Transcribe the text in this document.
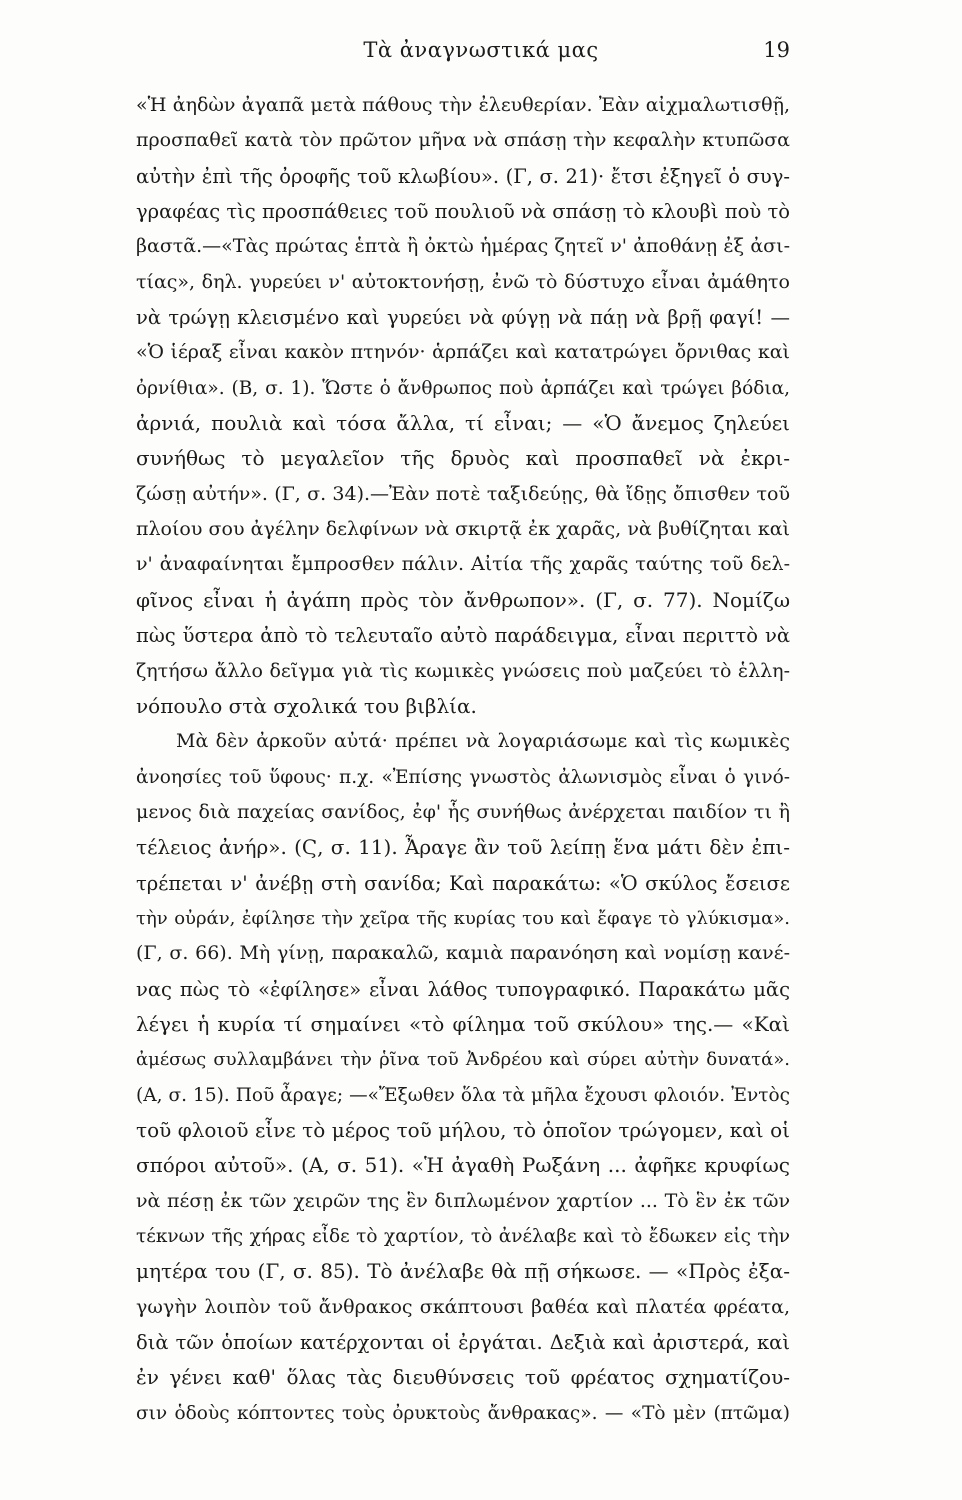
Τὰ ἀναγνωστικά μας	19
«Ἡ ἀηδὼν ἀγαπᾶ μετὰ πάθους τὴν ἐλευθερίαν. Ἐὰν αἰχμαλωτισθῇ,
προσπαθεῖ κατὰ τὸν πρῶτον μῆνα νὰ σπάσῃ τὴν κεφαλὴν κτυπῶσα
αὐτὴν ἐπὶ τῆς ὀροφῆς τοῦ κλωβίου». (Γ, σ. 21)· ἔτσι ἐξηγεῖ ὁ συγ-
γραφέας τὶς προσπάθειες τοῦ πουλιοῦ νὰ σπάσῃ τὸ κλουβὶ ποὺ τὸ
βαστᾶ.—«Τὰς πρώτας ἑπτὰ ἢ ὀκτὼ ἡμέρας ζητεῖ ν' ἀποθάνῃ ἐξ ἀσι-
τίας», δηλ. γυρεύει ν' αὐτοκτονήσῃ, ἐνῶ τὸ δύστυχο εἶναι ἀμάθητο
νὰ τρώγῃ κλεισμένο καὶ γυρεύει νὰ φύγῃ νὰ πάῃ νὰ βρῇ φαγί! —
«Ὁ ἱέραξ εἶναι κακὸν πτηνόν· ἁρπάζει καὶ κατατρώγει ὄρνιθας καὶ
ὀρνίθια». (Β, σ. 1). Ὥστε ὁ ἄνθρωπος ποὺ ἁρπάζει καὶ τρώγει βόδια,
ἀρνιά, πουλιὰ καὶ τόσα ἄλλα, τί εἶναι; — «Ὁ ἄνεμος ζηλεύει
συνήθως τὸ μεγαλεῖον τῆς δρυὸς καὶ προσπαθεῖ νὰ ἐκρι-
ζώσῃ αὐτήν». (Γ, σ. 34).—Ἐὰν ποτὲ ταξιδεύῃς, θὰ ἴδῃς ὄπισθεν τοῦ
πλοίου σου ἀγέλην δελφίνων νὰ σκιρτᾷ ἐκ χαρᾶς, νὰ βυθίζηται καὶ
ν' ἀναφαίνηται ἔμπροσθεν πάλιν. Αἰτία τῆς χαρᾶς ταύτης τοῦ δελ-
φῖνος εἶναι ἡ ἀγάπη πρὸς τὸν ἄνθρωπον». (Γ, σ. 77). Νομίζω
πὼς ὕστερα ἀπὸ τὸ τελευταῖο αὐτὸ παράδειγμα, εἶναι περιττὸ νὰ
ζητήσω ἄλλο δεῖγμα γιὰ τὶς κωμικὲς γνώσεις ποὺ μαζεύει τὸ ἑλλη-
νόπουλο στὰ σχολικά του βιβλία.
Μὰ δὲν ἀρκοῦν αὐτά· πρέπει νὰ λογαριάσωμε καὶ τὶς κωμικὲς
ἀνοησίες τοῦ ὕφους· π.χ. «Ἐπίσης γνωστὸς ἀλωνισμὸς εἶναι ὁ γινό-
μενος διὰ παχείας σανίδος, ἐφ' ἧς συνήθως ἀνέρχεται παιδίον τι ἢ
τέλειος ἀνήρ». (Ϛ, σ. 11). Ἆραγε ἂν τοῦ λείπῃ ἕνα μάτι δὲν ἐπι-
τρέπεται ν' ἀνέβῃ στὴ σανίδα; Καὶ παρακάτω: «Ὁ σκύλος ἔσεισε
τὴν οὐράν, ἐφίλησε τὴν χεῖρα τῆς κυρίας του καὶ ἔφαγε τὸ γλύκισμα».
(Γ, σ. 66). Μὴ γίνῃ, παρακαλῶ, καμιὰ παρανόηση καὶ νομίσῃ κανέ-
νας πὼς τὸ «ἐφίλησε» εἶναι λάθος τυπογραφικό. Παρακάτω μᾶς
λέγει ἡ κυρία τί σημαίνει «τὸ φίλημα τοῦ σκύλου» της.— «Καὶ
ἀμέσως συλλαμβάνει τὴν ῥῖνα τοῦ Ἀνδρέου καὶ σύρει αὐτὴν δυνατά».
(Α, σ. 15). Ποῦ ἆραγε; —«Ἔξωθεν ὅλα τὰ μῆλα ἔχουσι φλοιόν. Ἐντὸς
τοῦ φλοιοῦ εἶνε τὸ μέρος τοῦ μήλου, τὸ ὁποῖον τρώγομεν, καὶ οἱ
σπόροι αὐτοῦ». (Α, σ. 51). «Ἡ ἀγαθὴ Ρωξάνη ... ἀφῆκε κρυφίως
νὰ πέσῃ ἐκ τῶν χειρῶν της ἓν διπλωμένον χαρτίον ... Τὸ ἓν ἐκ τῶν
τέκνων τῆς χήρας εἶδε τὸ χαρτίον, τὸ ἀνέλαβε καὶ τὸ ἔδωκεν εἰς τὴν
μητέρα του (Γ, σ. 85). Τὸ ἀνέλαβε θὰ πῇ σήκωσε. — «Πρὸς ἐξα-
γωγὴν λοιπὸν τοῦ ἄνθρακος σκάπτουσι βαθέα καὶ πλατέα φρέατα,
διὰ τῶν ὁποίων κατέρχονται οἱ ἐργάται. Δεξιὰ καὶ ἀριστερά, καὶ
ἐν γένει καθ' ὅλας τὰς διευθύνσεις τοῦ φρέατος σχηματίζου-
σιν ὁδοὺς κόπτοντες τοὺς ὀρυκτοὺς ἄνθρακας». — «Τὸ μὲν (πτῶμα)
